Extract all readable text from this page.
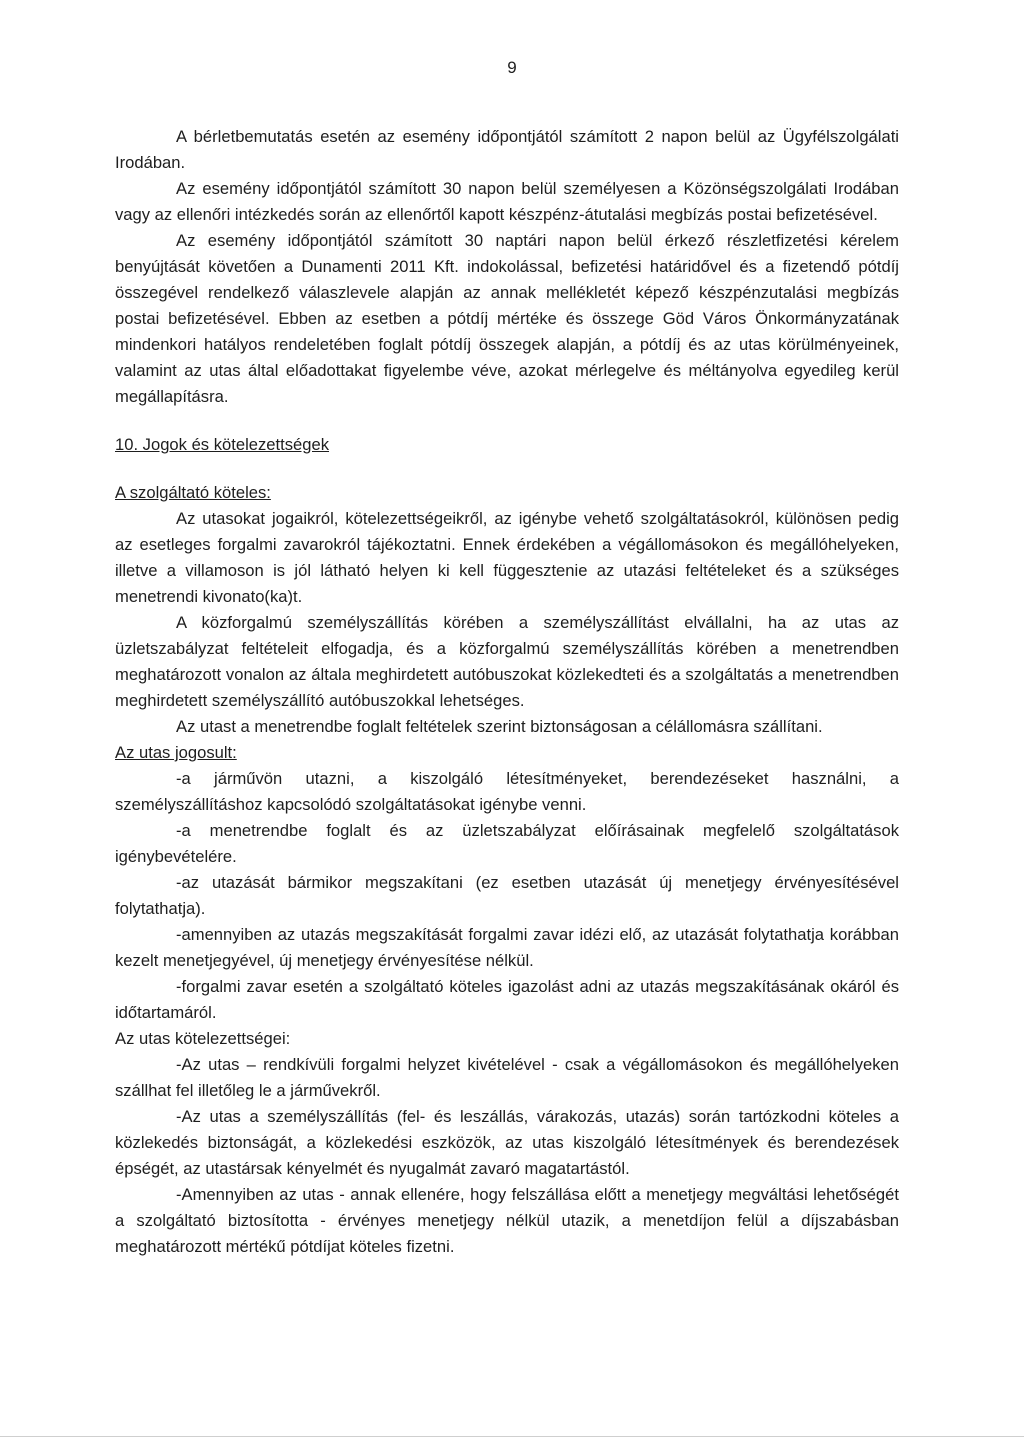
9

A bérletbemutatás esetén az esemény időpontjától számított 2 napon belül az Ügyfélszolgálati Irodában.

Az esemény időpontjától számított 30 napon belül személyesen a Közönségszolgálati Irodában vagy az ellenőri intézkedés során az ellenőrtől kapott készpénz-átutalási megbízás postai befizetésével.

Az esemény időpontjától számított 30 naptári napon belül érkező részletfizetési kérelem benyújtását követően a Dunamenti 2011 Kft. indokolással, befizetési határidővel és a fizetendő pótdíj összegével rendelkező válaszlevele alapján az annak mellékletét képező készpénzutalási megbízás postai befizetésével. Ebben az esetben a pótdíj mértéke és összege Göd Város Önkormányzatának mindenkori hatályos rendeletében foglalt pótdíj összegek alapján, a pótdíj és az utas körülményeinek, valamint az utas által előadottakat figyelembe véve, azokat mérlegelve és méltányolva egyedileg kerül megállapításra.

10. Jogok és kötelezettségek
A szolgáltató köteles:

Az utasokat jogaikról, kötelezettségeikről, az igénybe vehető szolgáltatásokról, különösen pedig az esetleges forgalmi zavarokról tájékoztatni. Ennek érdekében a végállomásokon és megállóhelyeken, illetve a villamoson is jól látható helyen ki kell függesztenie az utazási feltételeket és a szükséges menetrendi kivonato(ka)t.

A közforgalmú személyszállítás körében a személyszállítást elvállalni, ha az utas az üzletszabályzat feltételeit elfogadja, és a közforgalmú személyszállítás körében a menetrendben meghatározott vonalon az általa meghirdetett autóbuszokat közlekedteti és a szolgáltatás a menetrendben meghirdetett személyszállító autóbuszokkal lehetséges.

Az utast a menetrendbe foglalt feltételek szerint biztonságosan a célállomásra szállítani.

Az utas jogosult:

-a járművön utazni, a kiszolgáló létesítményeket, berendezéseket használni, a személyszállításhoz kapcsolódó szolgáltatásokat igénybe venni.

-a menetrendbe foglalt és az üzletszabályzat előírásainak megfelelő szolgáltatások igénybevételére.

-az utazását bármikor megszakítani (ez esetben utazását új menetjegy érvényesítésével folytathatja).

-amennyiben az utazás megszakítását forgalmi zavar idézi elő, az utazását folytathatja korábban kezelt menetjegyével, új menetjegy érvényesítése nélkül.

-forgalmi zavar esetén a szolgáltató köteles igazolást adni az utazás megszakításának okáról és időtartamáról.

Az utas kötelezettségei:

-Az utas – rendkívüli forgalmi helyzet kivételével - csak a végállomásokon és megállóhelyeken szállhat fel illetőleg le a járművekről.

-Az utas a személyszállítás (fel- és leszállás, várakozás, utazás) során tartózkodni köteles a közlekedés biztonságát, a közlekedési eszközök, az utas kiszolgáló létesítmények és berendezések épségét, az utastársak kényelmét és nyugalmát zavaró magatartástól.

-Amennyiben az utas - annak ellenére, hogy felszállása előtt a menetjegy megváltási lehetőségét a szolgáltató biztosította - érvényes menetjegy nélkül utazik, a menetdíjon felül a díjszabásban meghatározott mértékű pótdíjat köteles fizetni.
